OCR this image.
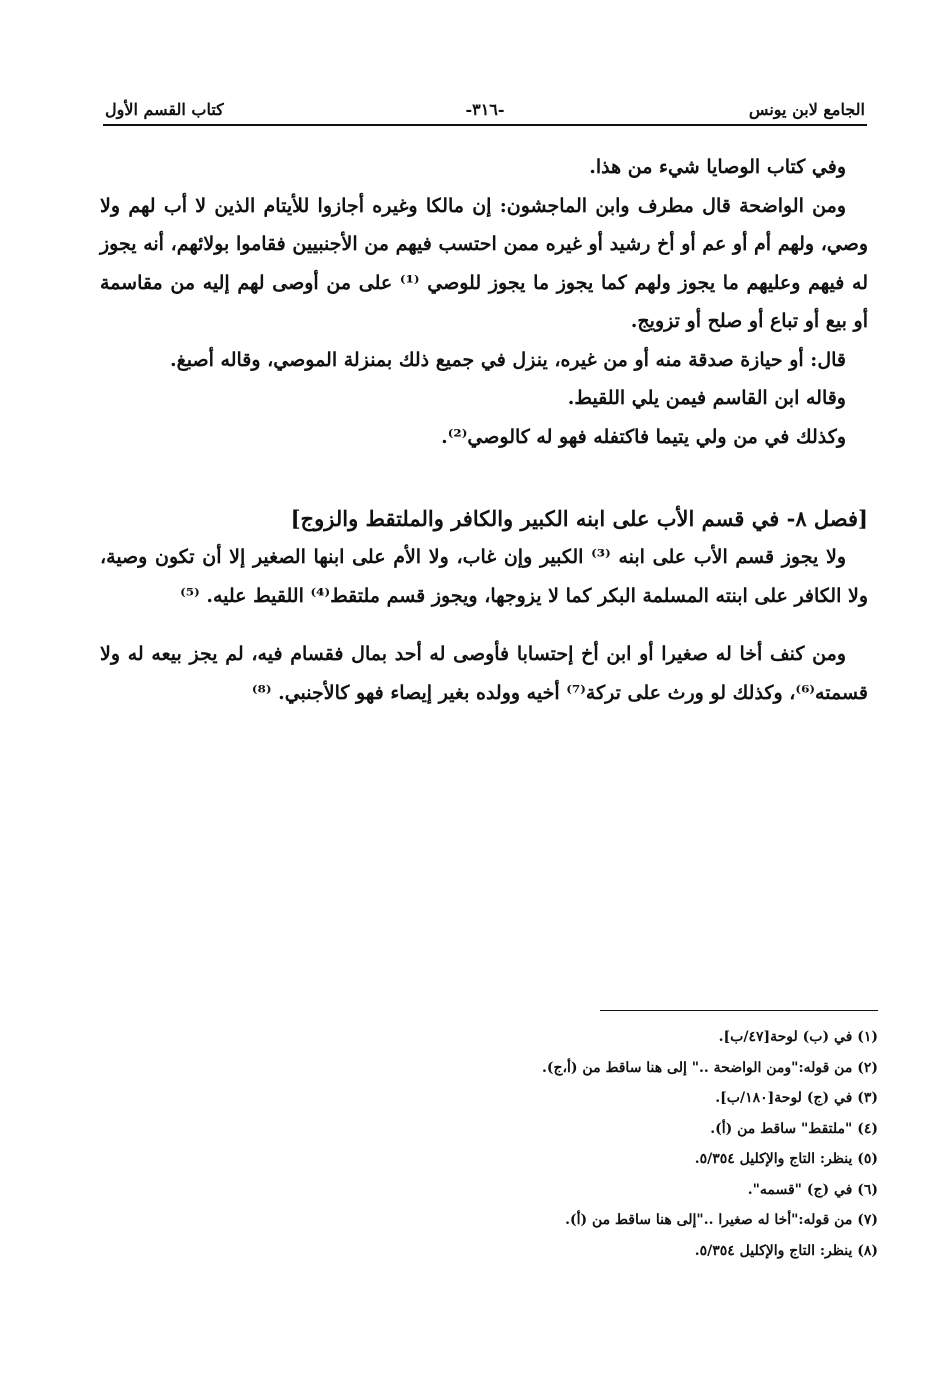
الجامع لابن يونس
-٣١٦-
كتاب القسم الأول

وفي كتاب الوصايا شيء من هذا.

ومن الواضحة قال مطرف وابن الماجشون: إن مالكا وغيره أجازوا للأيتام الذين لا أب لهم ولا وصي، ولهم أم أو عم أو أخ رشيد أو غيره ممن احتسب فيهم من الأجنبيين فقاموا بولائهم، أنه يجوز له فيهم وعليهم ما يجوز ولهم كما يجوز ما يجوز للوصي ⁽¹⁾ على من أوصى لهم إليه من مقاسمة أو بيع أو تباع أو صلح أو تزويج.

قال: أو حيازة صدقة منه أو من غيره، ينزل في جميع ذلك بمنزلة الموصي، وقاله أصبغ.

وقاله ابن القاسم فيمن يلي اللقيط.

وكذلك في من ولي يتيما فاكتفله فهو له كالوصي⁽²⁾.

[فصل ٨- في قسم الأب على ابنه الكبير والكافر والملتقط والزوج]

ولا يجوز قسم الأب على ابنه ⁽³⁾ الكبير وإن غاب، ولا الأم على ابنها الصغير إلا أن تكون وصية، ولا الكافر على ابنته المسلمة البكر كما لا يزوجها، ويجوز قسم ملتقط⁽⁴⁾ اللقيط عليه. ⁽⁵⁾

ومن كنف أخا له صغيرا أو ابن أخ إحتسابا فأوصى له أحد بمال فقسام فيه، لم يجز بيعه له ولا قسمته⁽⁶⁾، وكذلك لو ورث على تركة⁽⁷⁾ أخيه وولده بغير إيصاء فهو كالأجنبي. ⁽⁸⁾

(١) في (ب) لوحة[٤٧/ب].
(٢) من قوله:"ومن الواضحة .." إلى هنا ساقط من (أ،ج).
(٣) في (ج) لوحة[١٨٠/ب].
(٤) "ملتقط" ساقط من (أ).
(٥) ينظر: التاج والإكليل ٥/٣٥٤.
(٦) في (ج) "قسمه".
(٧) من قوله:"أخا له صغيرا .."إلى هنا ساقط من (أ).
(٨) ينظر: التاج والإكليل ٥/٣٥٤.
